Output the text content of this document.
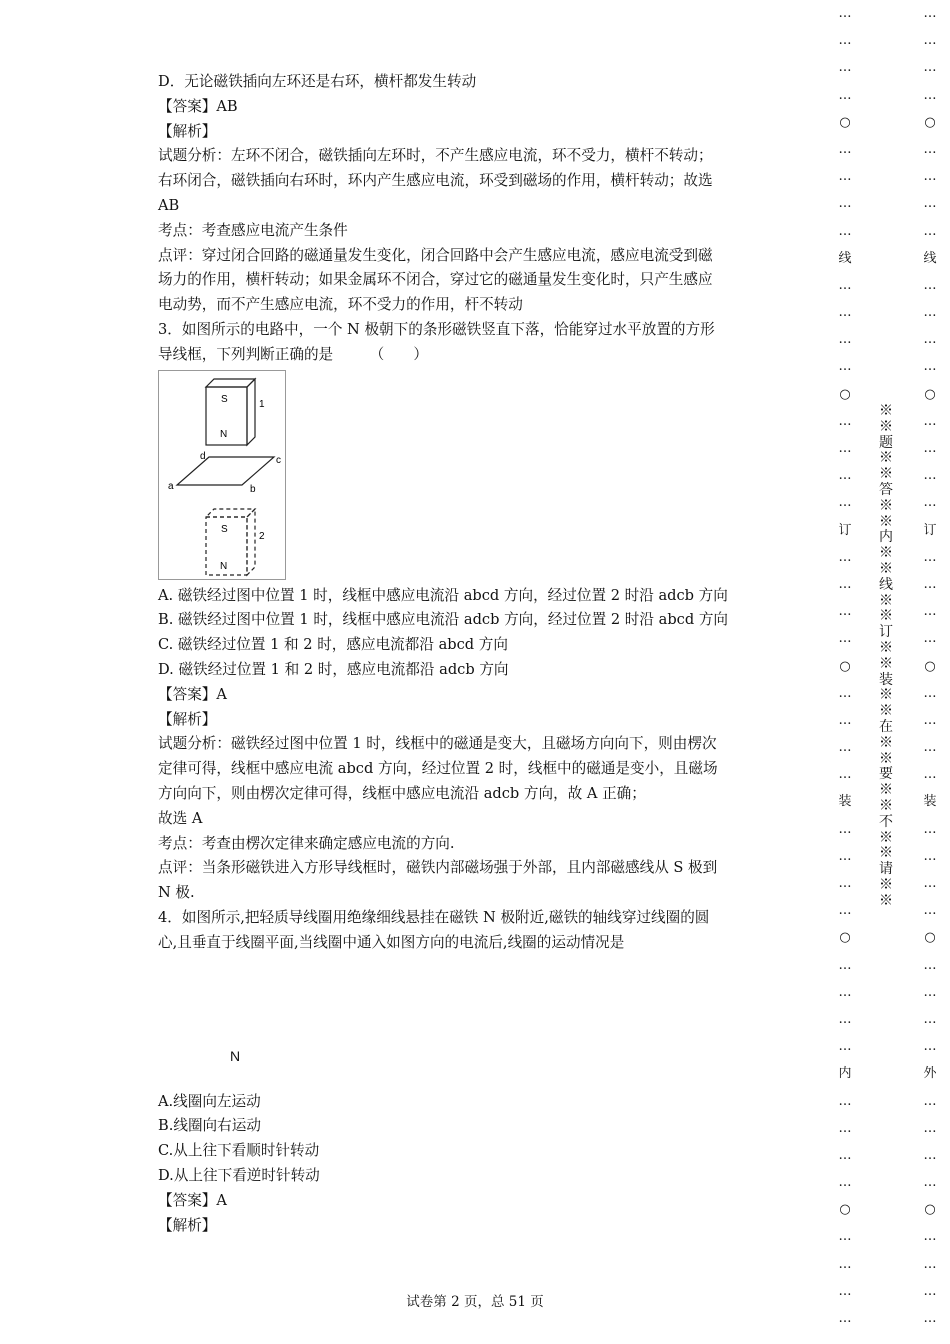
D．无论磁铁插向左环还是右环，横杆都发生转动

【答案】AB

【解析】

试题分析：左环不闭合，磁铁插向左环时，不产生感应电流，环不受力，横杆不转动；

右环闭合，磁铁插向右环时，环内产生感应电流，环受到磁场的作用，横杆转动；故选

AB

考点：考查感应电流产生条件

点评：穿过闭合回路的磁通量发生变化，闭合回路中会产生感应电流，感应电流受到磁

场力的作用，横杆转动；如果金属环不闭合，穿过它的磁通量发生变化时，只产生感应

电动势，而不产生感应电流，环不受力的作用，杆不转动

3．如图所示的电路中，一个 N 极朝下的条形磁铁竖直下落，恰能穿过水平放置的方形

导线框，下列判断正确的是　　　（　　）

S
N
1
d	c
a	b
S
N
2

A. 磁铁经过图中位置 1 时，线框中感应电流沿 abcd 方向，经过位置 2 时沿 adcb 方向

B. 磁铁经过图中位置 1 时，线框中感应电流沿 adcb 方向，经过位置 2 时沿 abcd 方向

C. 磁铁经过位置 1 和 2 时，感应电流都沿 abcd 方向

D. 磁铁经过位置 1 和 2 时，感应电流都沿 adcb 方向

【答案】A

【解析】

试题分析：磁铁经过图中位置 1 时，线框中的磁通是变大，且磁场方向向下，则由楞次

定律可得，线框中感应电流 abcd 方向，经过位置 2 时，线框中的磁通是变小，且磁场

方向向下，则由楞次定律可得，线框中感应电流沿 adcb 方向，故 A 正确；

故选 A

考点：考查由楞次定律来确定感应电流的方向.

点评：当条形磁铁进入方形导线框时，磁铁内部磁场强于外部，且内部磁感线从 S 极到

N 极.

4．如图所示,把轻质导线圈用绝缘细线悬挂在磁铁 N 极附近,磁铁的轴线穿过线圈的圆

心,且垂直于线圈平面,当线圈中通入如图方向的电流后,线圈的运动情况是

N

A.线圈向左运动

B.线圈向右运动

C.从上往下看顺时针转动

D.从上往下看逆时针转动

【答案】A

【解析】

试卷第 2 页，总 51 页
…
…
…
…
○
…
…
…
…
线
…
…
…
…
○
…
…
…
…
订
…
…
…
…
○
…
…
…
…
装
…
…
…
…
○
…
…
…
…
内
…
…
…
…
○
…
…
…
…
…
…
…
…
○
…
…
…
…
线
…
…
…
…
○
…
…
…
…
订
…
…
…
…
○
…
…
…
…
装
…
…
…
…
○
…
…
…
…
外
…
…
…
…
○
…
…
…
…
※※题※※答※※内※※线※※订※※装※※在※※要※※不※※请※※
